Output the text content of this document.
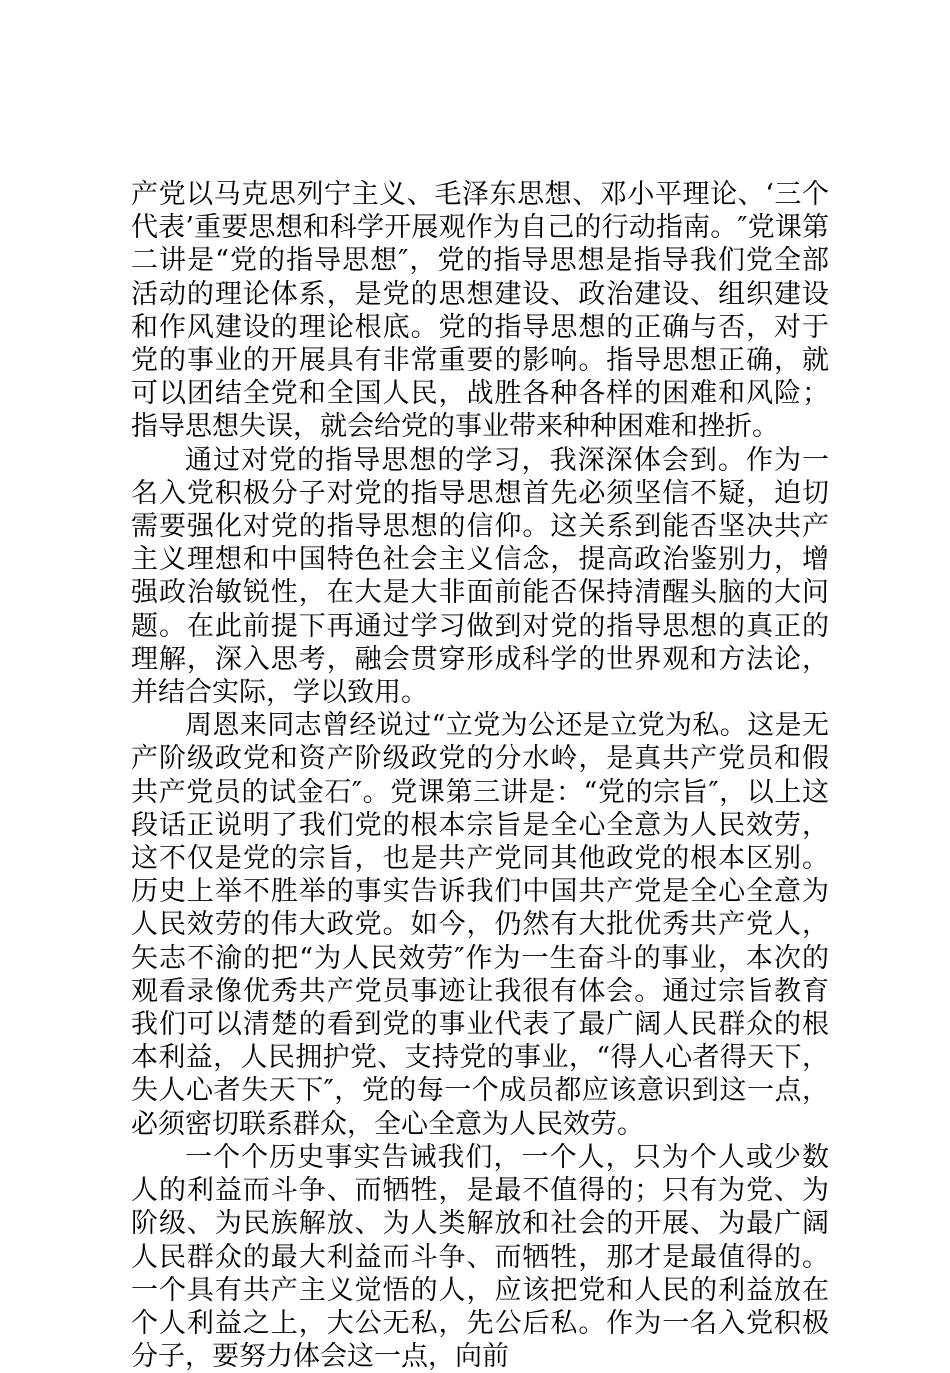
产党以马克思列宁主义、毛泽东思想、邓小平理论、‘三个代表’重要思想和科学开展观作为自己的行动指南。″党课第二讲是“党的指导思想″，党的指导思想是指导我们党全部活动的理论体系，是党的思想建设、政治建设、组织建设和作风建设的理论根底。党的指导思想的正确与否，对于党的事业的开展具有非常重要的影响。指导思想正确，就可以团结全党和全国人民，战胜各种各样的困难和风险；指导思想失误，就会给党的事业带来种种困难和挫折。

通过对党的指导思想的学习，我深深体会到。作为一名入党积极分子对党的指导思想首先必须坚信不疑，迫切需要强化对党的指导思想的信仰。这关系到能否坚决共产主义理想和中国特色社会主义信念，提高政治鉴别力，增强政治敏锐性，在大是大非面前能否保持清醒头脑的大问题。在此前提下再通过学习做到对党的指导思想的真正的理解，深入思考，融会贯穿形成科学的世界观和方法论，并结合实际，学以致用。

周恩来同志曾经说过“立党为公还是立党为私。这是无产阶级政党和资产阶级政党的分水岭，是真共产党员和假共产党员的试金石″。党课第三讲是：“党的宗旨″，以上这段话正说明了我们党的根本宗旨是全心全意为人民效劳，这不仅是党的宗旨，也是共产党同其他政党的根本区别。历史上举不胜举的事实告诉我们中国共产党是全心全意为人民效劳的伟大政党。如今，仍然有大批优秀共产党人，矢志不渝的把“为人民效劳″作为一生奋斗的事业，本次的观看录像优秀共产党员事迹让我很有体会。通过宗旨教育我们可以清楚的看到党的事业代表了最广阔人民群众的根本利益，人民拥护党、支持党的事业，“得人心者得天下，失人心者失天下″，党的每一个成员都应该意识到这一点，必须密切联系群众，全心全意为人民效劳。

一个个历史事实告诫我们，一个人，只为个人或少数人的利益而斗争、而牺牲，是最不值得的；只有为党、为阶级、为民族解放、为人类解放和社会的开展、为最广阔人民群众的最大利益而斗争、而牺牲，那才是最值得的。一个具有共产主义觉悟的人，应该把党和人民的利益放在个人利益之上，大公无私，先公后私。作为一名入党积极分子，要努力体会这一点，向前
